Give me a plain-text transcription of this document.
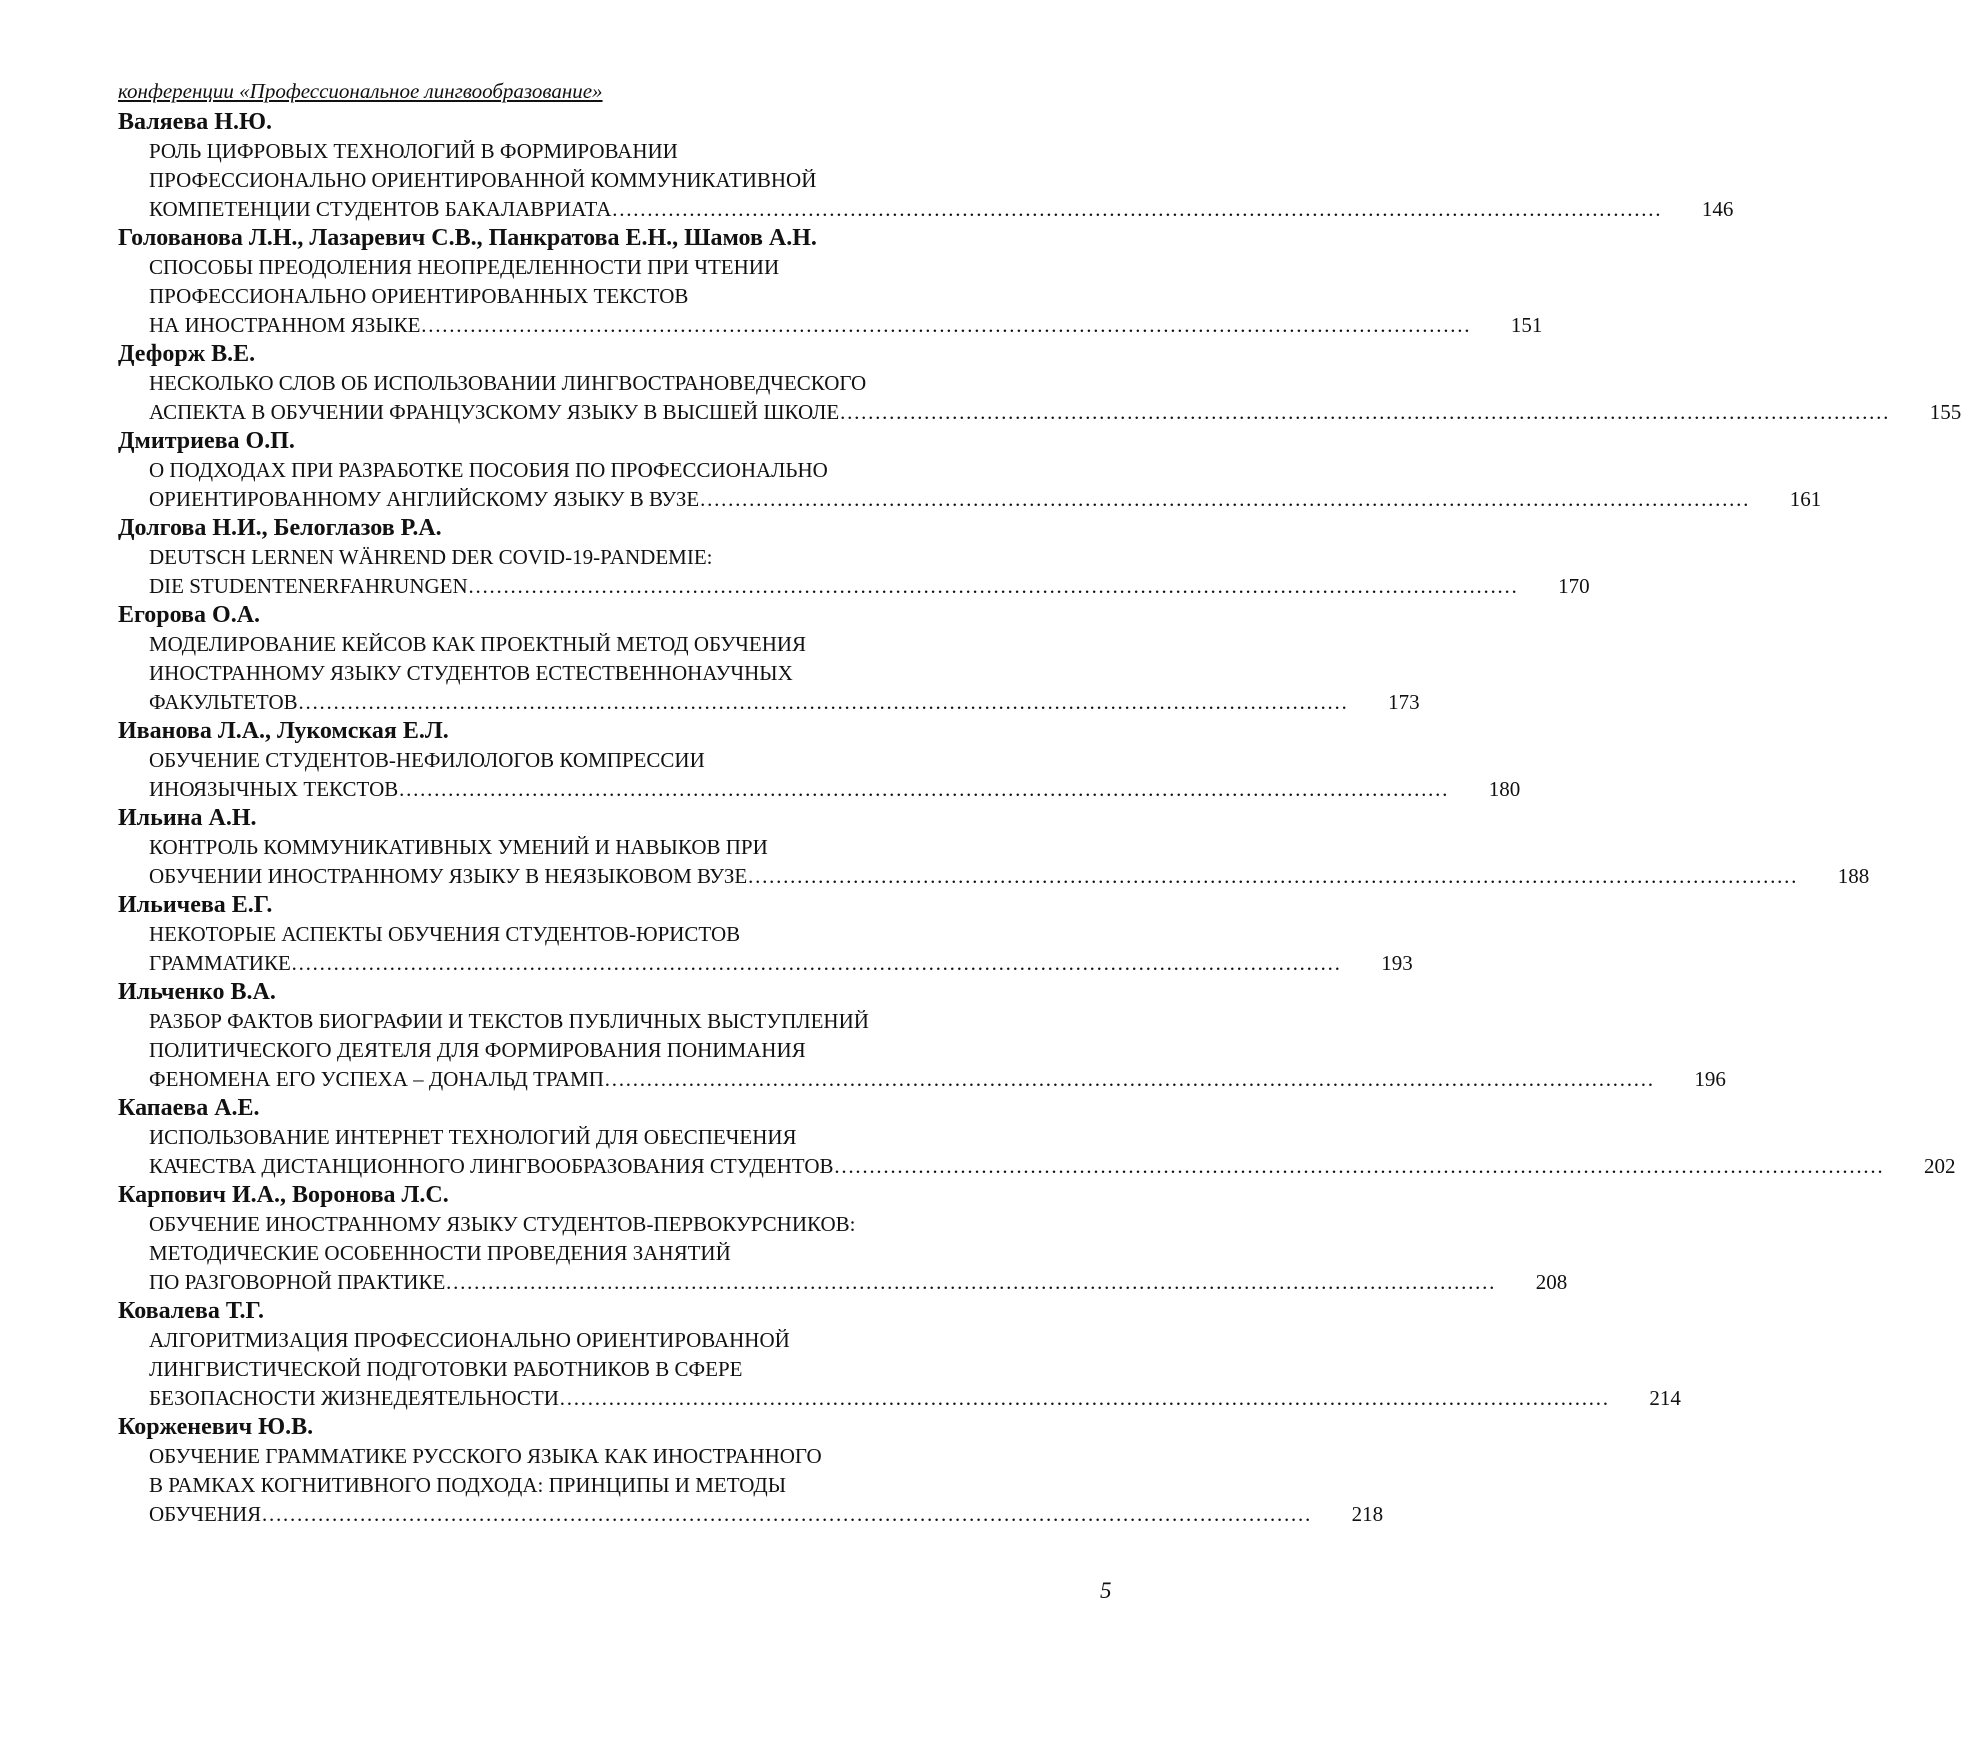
конференции «Профессиональное лингвообразование»
Валяева Н.Ю.
РОЛЬ ЦИФРОВЫХ ТЕХНОЛОГИЙ В ФОРМИРОВАНИИ
ПРОФЕССИОНАЛЬНО ОРИЕНТИРОВАННОЙ КОММУНИКАТИВНОЙ
КОМПЕТЕНЦИИ СТУДЕНТОВ БАКАЛАВРИАТА ……………………………………………………………………………………………………………………………………	146
Голованова Л.Н., Лазаревич С.В., Панкратова Е.Н., Шамов А.Н.
СПОСОБЫ ПРЕОДОЛЕНИЯ НЕОПРЕДЕЛЕННОСТИ ПРИ ЧТЕНИИ
ПРОФЕССИОНАЛЬНО ОРИЕНТИРОВАННЫХ ТЕКСТОВ
НА ИНОСТРАННОМ ЯЗЫКЕ ……………………………………………………………………………………………………………………………………	151
Дефорж В.Е.
НЕСКОЛЬКО СЛОВ ОБ ИСПОЛЬЗОВАНИИ ЛИНГВОСТРАНОВЕДЧЕСКОГО
АСПЕКТА В ОБУЧЕНИИ ФРАНЦУЗСКОМУ ЯЗЫКУ В ВЫСШЕЙ ШКОЛЕ ……………………………………………………………………………………………………………………………………	155
Дмитриева О.П.
О ПОДХОДАХ ПРИ РАЗРАБОТКЕ ПОСОБИЯ ПО ПРОФЕССИОНАЛЬНО
ОРИЕНТИРОВАННОМУ АНГЛИЙСКОМУ ЯЗЫКУ В ВУЗЕ ……………………………………………………………………………………………………………………………………	161
Долгова Н.И., Белоглазов Р.А.
DEUTSCH LERNEN WÄHREND DER COVID-19-PANDEMIE:
DIE STUDENTENERFAHRUNGEN ……………………………………………………………………………………………………………………………………	170
Егорова О.А.
МОДЕЛИРОВАНИЕ КЕЙСОВ КАК ПРОЕКТНЫЙ МЕТОД ОБУЧЕНИЯ
ИНОСТРАННОМУ ЯЗЫКУ СТУДЕНТОВ ЕСТЕСТВЕННОНАУЧНЫХ
ФАКУЛЬТЕТОВ ……………………………………………………………………………………………………………………………………	173
Иванова Л.А., Лукомская Е.Л.
ОБУЧЕНИЕ СТУДЕНТОВ-НЕФИЛОЛОГОВ КОМПРЕССИИ
ИНОЯЗЫЧНЫХ ТЕКСТОВ ……………………………………………………………………………………………………………………………………	180
Ильина А.Н.
КОНТРОЛЬ КОММУНИКАТИВНЫХ УМЕНИЙ И НАВЫКОВ ПРИ
ОБУЧЕНИИ ИНОСТРАННОМУ ЯЗЫКУ В НЕЯЗЫКОВОМ ВУЗЕ ……………………………………………………………………………………………………………………………………	188
Ильичева Е.Г.
НЕКОТОРЫЕ АСПЕКТЫ ОБУЧЕНИЯ СТУДЕНТОВ-ЮРИСТОВ
ГРАММАТИКЕ ……………………………………………………………………………………………………………………………………	193
Ильченко В.А.
РАЗБОР ФАКТОВ БИОГРАФИИ И ТЕКСТОВ ПУБЛИЧНЫХ ВЫСТУПЛЕНИЙ
ПОЛИТИЧЕСКОГО ДЕЯТЕЛЯ ДЛЯ ФОРМИРОВАНИЯ ПОНИМАНИЯ
ФЕНОМЕНА ЕГО УСПЕХА – ДОНАЛЬД ТРАМП ……………………………………………………………………………………………………………………………………	196
Капаева А.Е.
ИСПОЛЬЗОВАНИЕ ИНТЕРНЕТ ТЕХНОЛОГИЙ ДЛЯ ОБЕСПЕЧЕНИЯ
КАЧЕСТВА ДИСТАНЦИОННОГО ЛИНГВООБРАЗОВАНИЯ СТУДЕНТОВ ……………………………………………………………………………………………………………………………………	202
Карпович И.А., Воронова Л.С.
ОБУЧЕНИЕ ИНОСТРАННОМУ ЯЗЫКУ СТУДЕНТОВ-ПЕРВОКУРСНИКОВ:
МЕТОДИЧЕСКИЕ ОСОБЕННОСТИ ПРОВЕДЕНИЯ ЗАНЯТИЙ
ПО РАЗГОВОРНОЙ ПРАКТИКЕ ……………………………………………………………………………………………………………………………………	208
Ковалева Т.Г.
АЛГОРИТМИЗАЦИЯ ПРОФЕССИОНАЛЬНО ОРИЕНТИРОВАННОЙ
ЛИНГВИСТИЧЕСКОЙ ПОДГОТОВКИ РАБОТНИКОВ В СФЕРЕ
БЕЗОПАСНОСТИ ЖИЗНЕДЕЯТЕЛЬНОСТИ ……………………………………………………………………………………………………………………………………	214
Корженевич Ю.В.
ОБУЧЕНИЕ ГРАММАТИКЕ РУССКОГО ЯЗЫКА КАК ИНОСТРАННОГО
В РАМКАХ КОГНИТИВНОГО ПОДХОДА: ПРИНЦИПЫ И МЕТОДЫ
ОБУЧЕНИЯ ……………………………………………………………………………………………………………………………………	218
5
